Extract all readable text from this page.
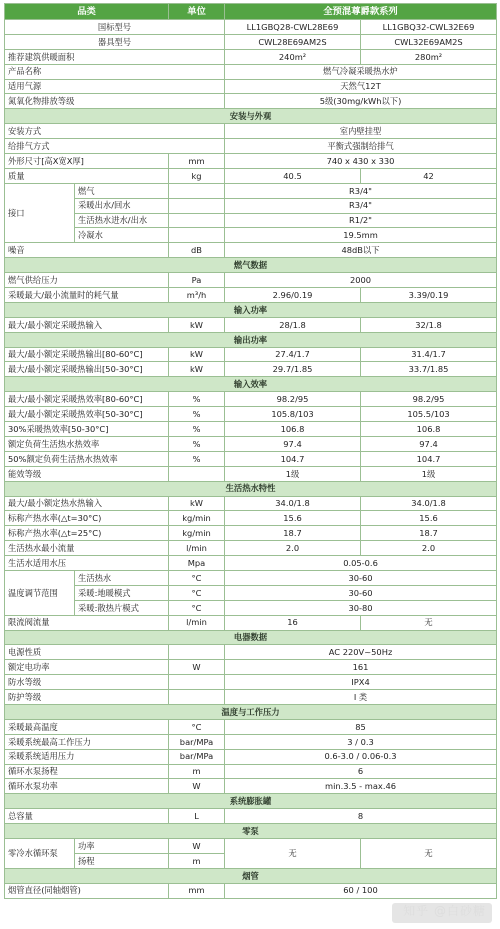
品类		单位	全预混尊爵款系列	
国标型号			LL1GBQ28-CWL28E69	LL1GBQ32-CWL32E69
器具型号			CWL28E69AM2S	CWL32E69AM2S
推荐建筑供暖面积			240m²	280m²
产品名称			燃气冷凝采暖热水炉	
适用气源			天然气12T	
氮氧化物排放等级			5级(30mg/kWh以下)	
安装与外观				
安装方式			室内壁挂型	
给排气方式			平衡式强制给排气	
外形尺寸[高X宽X厚]		mm	740 x 430 x 330	
质量		kg	40.5	42
接口	燃气		R3/4"	
	采暖出水/回水		R3/4"	
	生活热水进水/出水		R1/2"	
	冷凝水		19.5mm	
噪音		dB	48dB以下	
燃气数据				
燃气供给压力		Pa	2000	
采暖最大/最小流量时的耗气量		m³/h	2.96/0.19	3.39/0.19
输入功率				
最大/最小额定采暖热输入		kW	28/1.8	32/1.8
输出功率				
最大/最小额定采暖热输出[80-60°C]		kW	27.4/1.7	31.4/1.7
最大/最小额定采暖热输出[50-30°C]		kW	29.7/1.85	33.7/1.85
输入效率				
最大/最小额定采暖热效率[80-60°C]		%	98.2/95	98.2/95
最大/最小额定采暖热效率[50-30°C]		%	105.8/103	105.5/103
30%采暖热效率[50-30°C]		%	106.8	106.8
额定负荷生活热水热效率		%	97.4	97.4
50%额定负荷生活热水热效率		%	104.7	104.7
能效等级			1级	1级
生活热水特性				
最大/最小额定热水热输入		kW	34.0/1.8	34.0/1.8
标称产热水率(△t=30°C)		kg/min	15.6	15.6
标称产热水率(△t=25°C)		kg/min	18.7	18.7
生活热水最小流量		l/min	2.0	2.0
生活水适用水压		Mpa	0.05-0.6	
温度调节范围	生活热水	°C	30-60	
	采暖:地暖模式	°C	30-60	
	采暖:散热片模式	°C	30-80	
限流阀流量		l/min	16	无
电器数据				
电源性质			AC 220V~50Hz	
额定电功率		W	161	
防水等级			IPX4	
防护等级			I 类	
温度与工作压力				
采暖最高温度		°C	85	
采暖系统最高工作压力		bar/MPa	3 / 0.3	
采暖系统适用压力		bar/MPa	0.6-3.0 / 0.06-0.3	
循环水泵扬程		m	6	
循环水泵功率		W	min.3.5 - max.46	
系统膨胀罐				
总容量		L	8	
零泵				
零冷水循环泵	功率	W	无	无
	扬程	m		
烟管				
烟管直径(同轴烟管)		mm	60 / 100	
知乎 @白砂糖
